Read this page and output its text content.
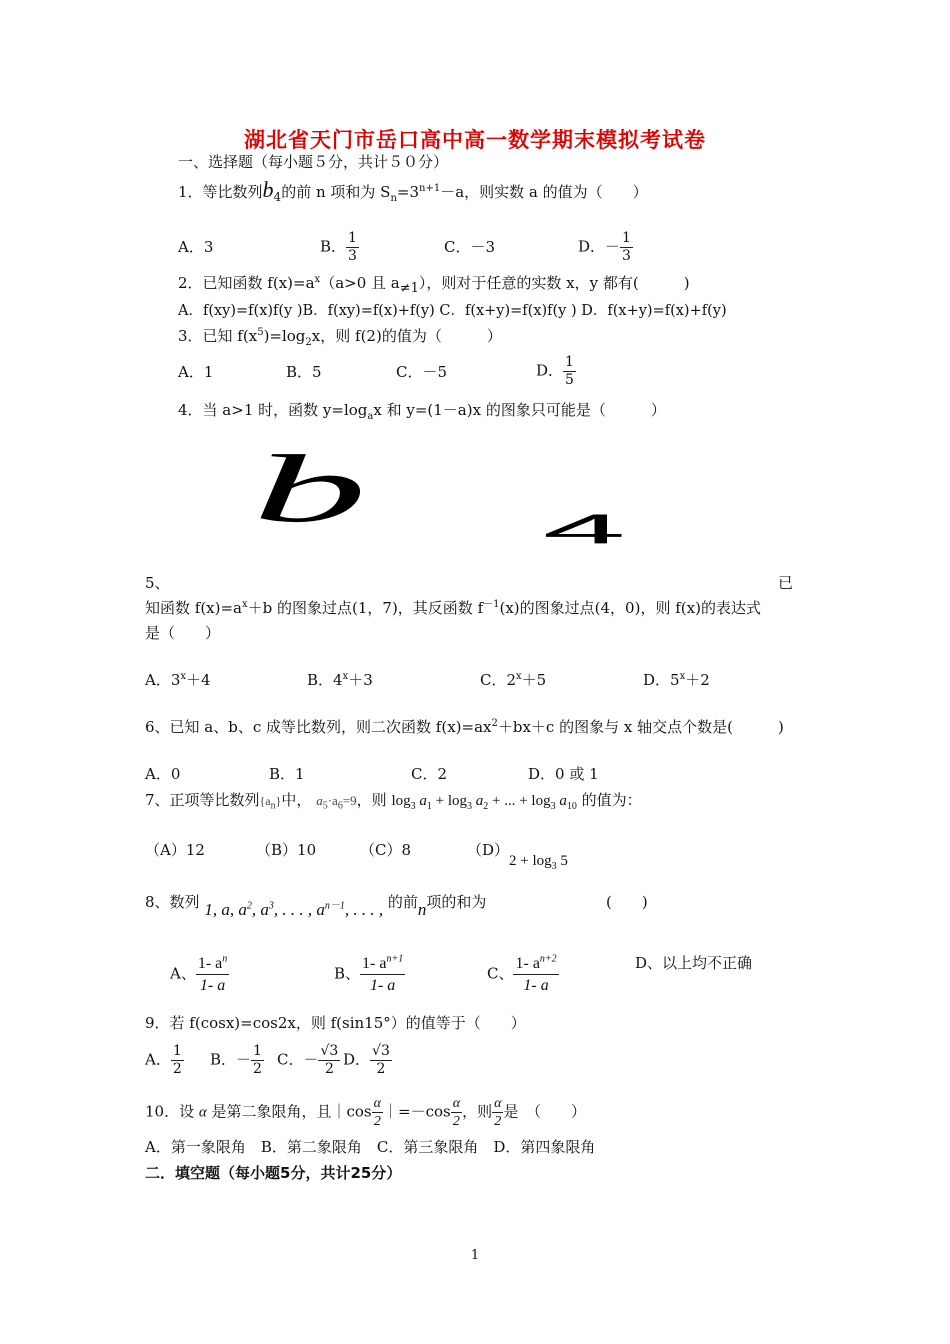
湖北省天门市岳口高中高一数学期末模拟考试卷
一、选择题（每小题５分，共计５０分）
1．等比数列$b_4$的前 n 项和为 $S_n=3^{n+1}-a$，则实数 a 的值为（　　）
A．3	B． $\frac{1}{3}$	C．－3	D．－ $\frac{1}{3}$
2．已知函数 $f(x)=a^x(a>0$ 且 $a_{\ne 1}$），则对于任意的实数 x，y 都有(　　　)
A．f(xy)=f(x)f(y )B．f(xy)=f(x)+f(y) C．f(x+y)=f(x)f(y ) D．f(x+y)=f(x)+f(y)
3．已知 $f(x^5)=\log_2x$，则 f(2)的值为（　　　）
A．1	B．5	C．－5	D． $\frac{1}{5}$
4．当 a>1 时，函数 $y=\log_ax$ 和 y=(1－a)x 的图象只可能是（　　　）
b 4
5、	已
知函数 $f(x)=a^x+b$ 的图象过点(1，7)，其反函数 $f^{-1}(x)$的图象过点(4，0)，则 f(x)的表达式
是（　　）
A．$3^x+4$	B．$4^x+3$	C．$2^x+5$	D．$5^x+2$
6、已知 a、b、c 成等比数列，则二次函数 $f(x)=ax^2+bx+c$ 的图象与 x 轴交点个数是(　　　)
A．0	B．1	C．2	D．0 或 1
7、正项等比数列$\{a_n\}$中， $a_5\cdot a_6=9$，则 $\log_3 a_1 + \log_3 a_2$ + ... + $\log_3 a_{10}$ 的值为：
（A）12	（B）10	（C）8	$(D)2 + \log_3 5$
8、数列 1, a, $a^2$, $a^3$, . . . , $a^{n-1}$, . . . , 的前n项的和为	(　　)
A、 $\frac{1- a^n}{1- a}$	B、 $\frac{1- a^{n+1}}{1- a}$	C、 $\frac{1- a^{n+2}}{1- a}$	D、以上均不正确
9．若 f(cosx)=cos2x，则 f(sin15°）的值等于（　　）
A． $\frac{1}{2}$ B．－ $\frac{1}{2}$ C．－ $\frac{√3}{2}$ D． $\frac{√3}{2}$
10．设 α 是第二象限角，且｜cos $\frac{\alpha}{2}$ ｜=－cos $\frac{\alpha}{2}$ ，则 $\frac{\alpha}{2}$ 是　（　　）
A．第一象限角　B．第二象限角　C．第三象限角　D．第四象限角
二．填空题（每小题5分，共计25分）
1
